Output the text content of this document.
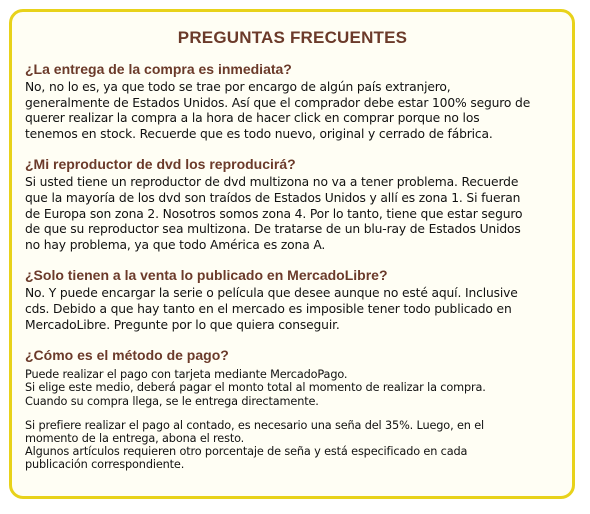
PREGUNTAS FRECUENTES
¿La entrega de la compra es inmediata?
No, no lo es, ya que todo se trae por encargo de algún país extranjero,
generalmente de Estados Unidos. Así que el comprador debe estar 100% seguro de
querer realizar la compra a la hora de hacer click en comprar porque no los
tenemos en stock. Recuerde que es todo nuevo, original y cerrado de fábrica.
¿Mi reproductor de dvd los reproducirá?
Si usted tiene un reproductor de dvd multizona no va a tener problema. Recuerde
que la mayoría de los dvd son traídos de Estados Unidos y allí es zona 1. Si fueran
de Europa son zona 2. Nosotros somos zona 4. Por lo tanto, tiene que estar seguro
de que su reproductor sea multizona. De tratarse de un blu-ray de Estados Unidos
no hay problema, ya que todo América es zona A.
¿Solo tienen a la venta lo publicado en MercadoLibre?
No. Y puede encargar la serie o película que desee aunque no esté aquí. Inclusive
cds. Debido a que hay tanto en el mercado es imposible tener todo publicado en
MercadoLibre. Pregunte por lo que quiera conseguir.
¿Cómo es el método de pago?
Puede realizar el pago con tarjeta mediante MercadoPago.
Si elige este medio, deberá pagar el monto total al momento de realizar la compra.
Cuando su compra llega, se le entrega directamente.
Si prefiere realizar el pago al contado, es necesario una seña del 35%. Luego, en el
momento de la entrega, abona el resto.
Algunos artículos requieren otro porcentaje de seña y está especificado en cada
publicación correspondiente.
